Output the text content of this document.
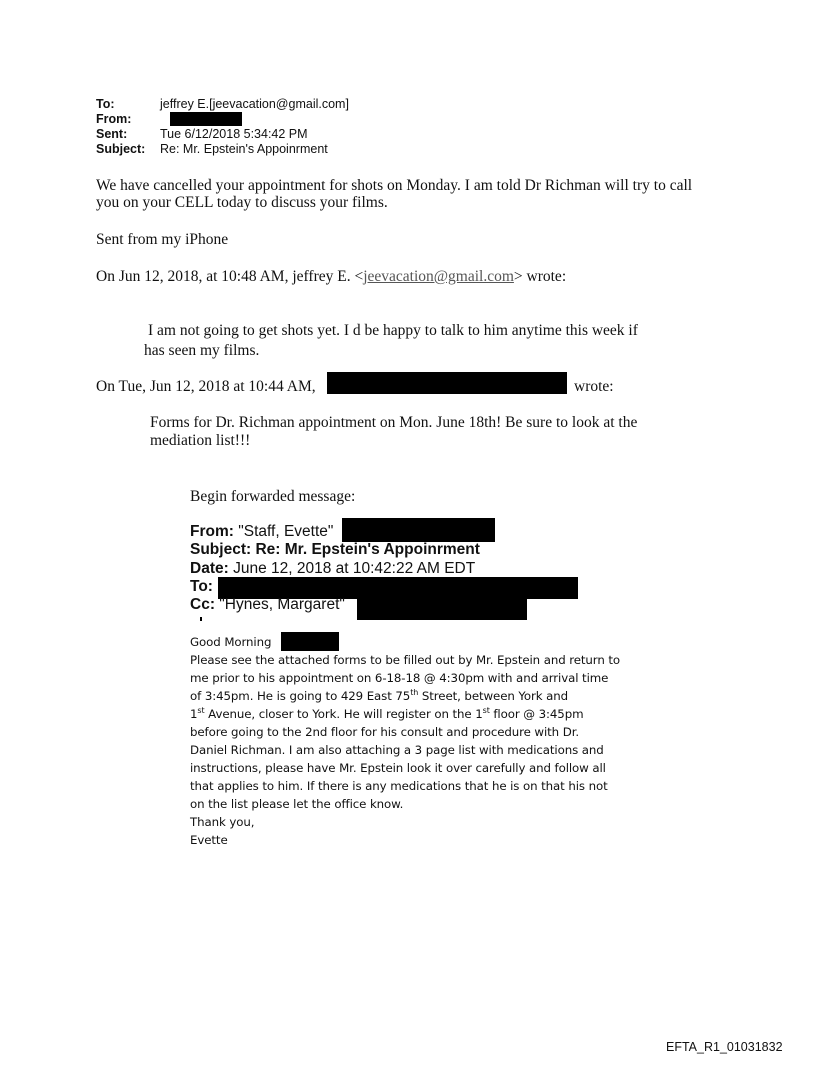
To:	jeffrey E.[jeevacation@gmail.com]
From:
Sent:	Tue 6/12/2018 5:34:42 PM
Subject: Re: Mr. Epstein's Appoinrment
We have cancelled your appointment for shots on Monday. I am told Dr Richman will try to call
you on your CELL today to discuss your films.
Sent from my iPhone
On Jun 12, 2018, at 10:48 AM, jeffrey E. <jeevacation@gmail.com> wrote:
I am not going to get shots yet. I d be happy to talk to him anytime this week if
has seen my films.
On Tue, Jun 12, 2018 at 10:44 AM,	wrote:
Forms for Dr. Richman appointment on Mon. June 18th! Be sure to look at the
mediation list!!!
Begin forwarded message:
From: "Staff, Evette"
Subject: Re: Mr. Epstein's Appoinrment
Date: June 12, 2018 at 10:42:22 AM EDT
To:
Cc: "Hynes, Margaret"
Good Morning
Please see the attached forms to be filled out by Mr. Epstein and return to
me prior to his appointment on 6-18-18 @ 4:30pm with and arrival time
of 3:45pm. He is going to 429 East 75th Street, between York and
1st Avenue, closer to York. He will register on the 1st floor @ 3:45pm
before going to the 2nd floor for his consult and procedure with Dr.
Daniel Richman. I am also attaching a 3 page list with medications and
instructions, please have Mr. Epstein look it over carefully and follow all
that applies to him. If there is any medications that he is on that his not
on the list please let the office know.
Thank you,
Evette
EFTA_R1_01031832
